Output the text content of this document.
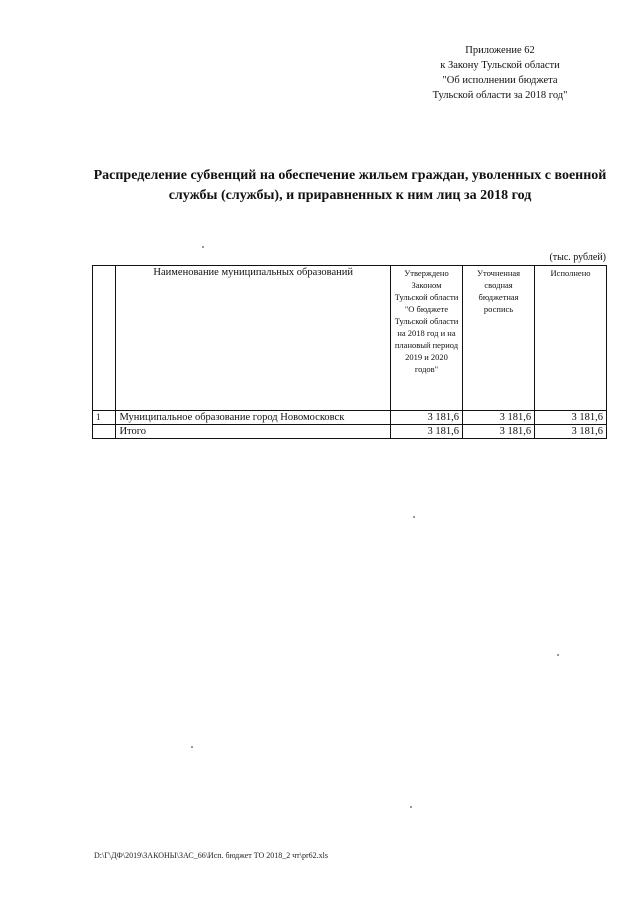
Приложение 62
к Закону Тульской области
"Об исполнении бюджета
Тульской области за 2018 год"
Распределение субвенций на обеспечение жильем граждан, уволенных с военной
службы (службы), и приравненных к ним лиц за 2018 год
(тыс. рублей)
	Наименование муниципальных образований	Утверждено Законом Тульской области "О бюджете Тульской области на 2018 год и на плановый период 2019 и 2020 годов"	Уточненная сводная бюджетная роспись	Исполнено
1	Муниципальное образование город Новомосковск	3 181,6	3 181,6	3 181,6
	Итого	3 181,6	3 181,6	3 181,6
D:\Г\ДФ\2019\ЗАКОНЫ\ЗАС_66\Исп. бюджет ТО 2018_2 чт\pr62.xls
